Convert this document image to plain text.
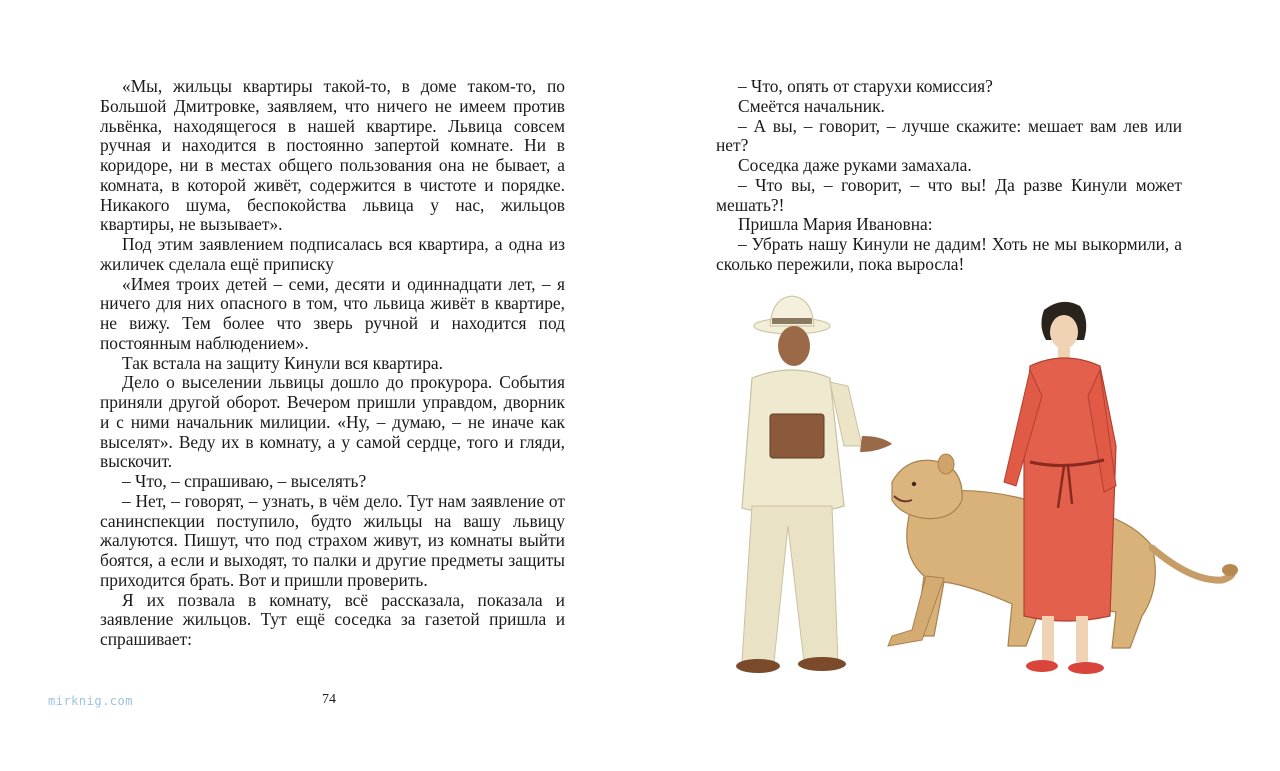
«Мы, жильцы квартиры такой-то, в доме таком-то, по Большой Дмитровке, заявляем, что ничего не имеем против львёнка, находящегося в нашей квартире. Львица совсем ручная и находится в постоянно запертой комнате. Ни в коридоре, ни в местах общего пользования она не бывает, а комната, в которой живёт, содержится в чистоте и порядке. Никакого шума, беспокойства львица у нас, жильцов квартиры, не вызывает».

Под этим заявлением подписалась вся квартира, а одна из жиличек сделала ещё приписку

«Имея троих детей – семи, десяти и одиннадцати лет, – я ничего для них опасного в том, что львица живёт в квартире, не вижу. Тем более что зверь ручной и находится под постоянным наблюдением».

Так встала на защиту Кинули вся квартира.

Дело о выселении львицы дошло до прокурора. События приняли другой оборот. Вечером пришли управдом, дворник и с ними начальник милиции. «Ну, – думаю, – не иначе как выселят». Веду их в комнату, а у самой сердце, того и гляди, выскочит.

– Что, – спрашиваю, – выселять?

– Нет, – говорят, – узнать, в чём дело. Тут нам заявление от санинспекции поступило, будто жильцы на вашу львицу жалуются. Пишут, что под страхом живут, из комнаты выйти боятся, а если и выходят, то палки и другие предметы защиты приходится брать. Вот и пришли проверить.

Я их позвала в комнату, всё рассказала, показала и заявление жильцов. Тут ещё соседка за газетой пришла и спрашивает:

mirknig.com	74

– Что, опять от старухи комиссия?

Смеётся начальник.

– А вы, – говорит, – лучше скажите: мешает вам лев или нет?

Соседка даже руками замахала.

– Что вы, – говорит, – что вы! Да разве Кинули может мешать?!

Пришла Мария Ивановна:

– Убрать нашу Кинули не дадим! Хоть не мы выкормили, а сколько пережили, пока выросла!
